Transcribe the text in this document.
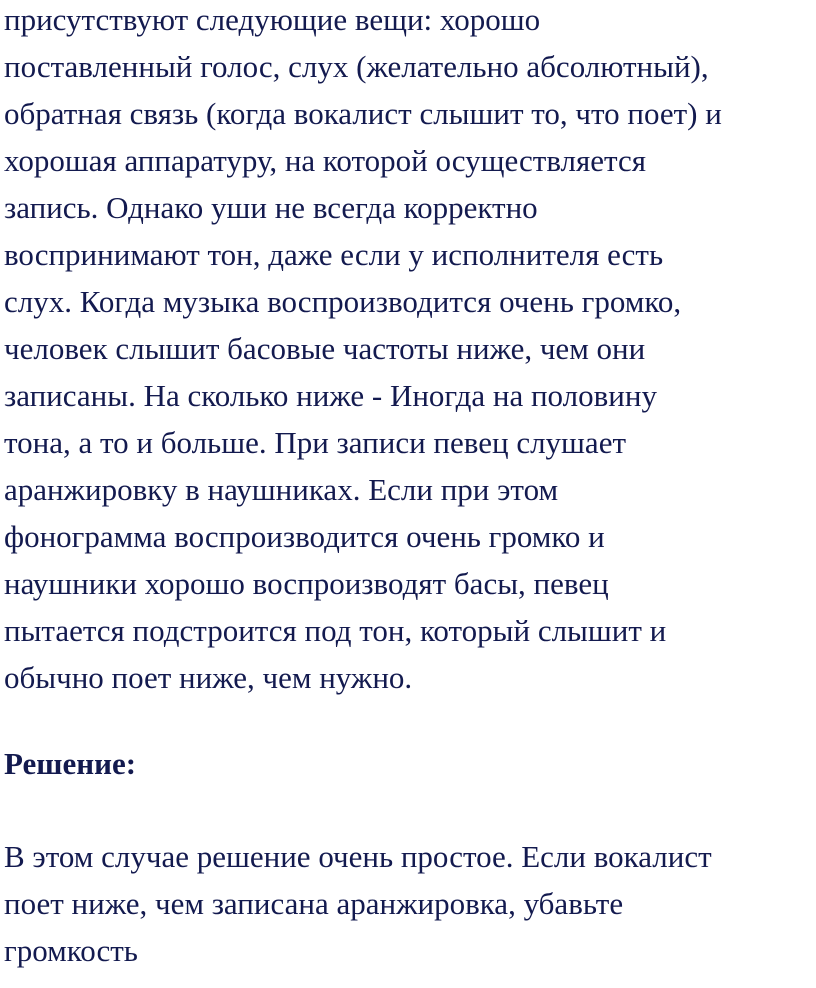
присутствуют следующие вещи: хорошо
поставленный голос, слух (желательно абсолютный),
обратная связь (когда вокалист слышит то, что поет) и
хорошая аппаратуру, на которой осуществляется
запись. Однако уши не всегда корректно
воспринимают тон, даже если у исполнителя есть
слух. Когда музыка воспроизводится очень громко,
человек слышит басовые частоты ниже, чем они
записаны. На сколько ниже - Иногда на половину
тона, а то и больше. При записи певец слушает
аранжировку в наушниках. Если при этом
фонограмма воспроизводится очень громко и
наушники хорошо воспроизводят басы, певец
пытается подстроится под тон, который слышит и
обычно поет ниже, чем нужно.
Решение:
В этом случае решение очень простое. Если вокалист
поет ниже, чем записана аранжировка, убавьте
громкость
